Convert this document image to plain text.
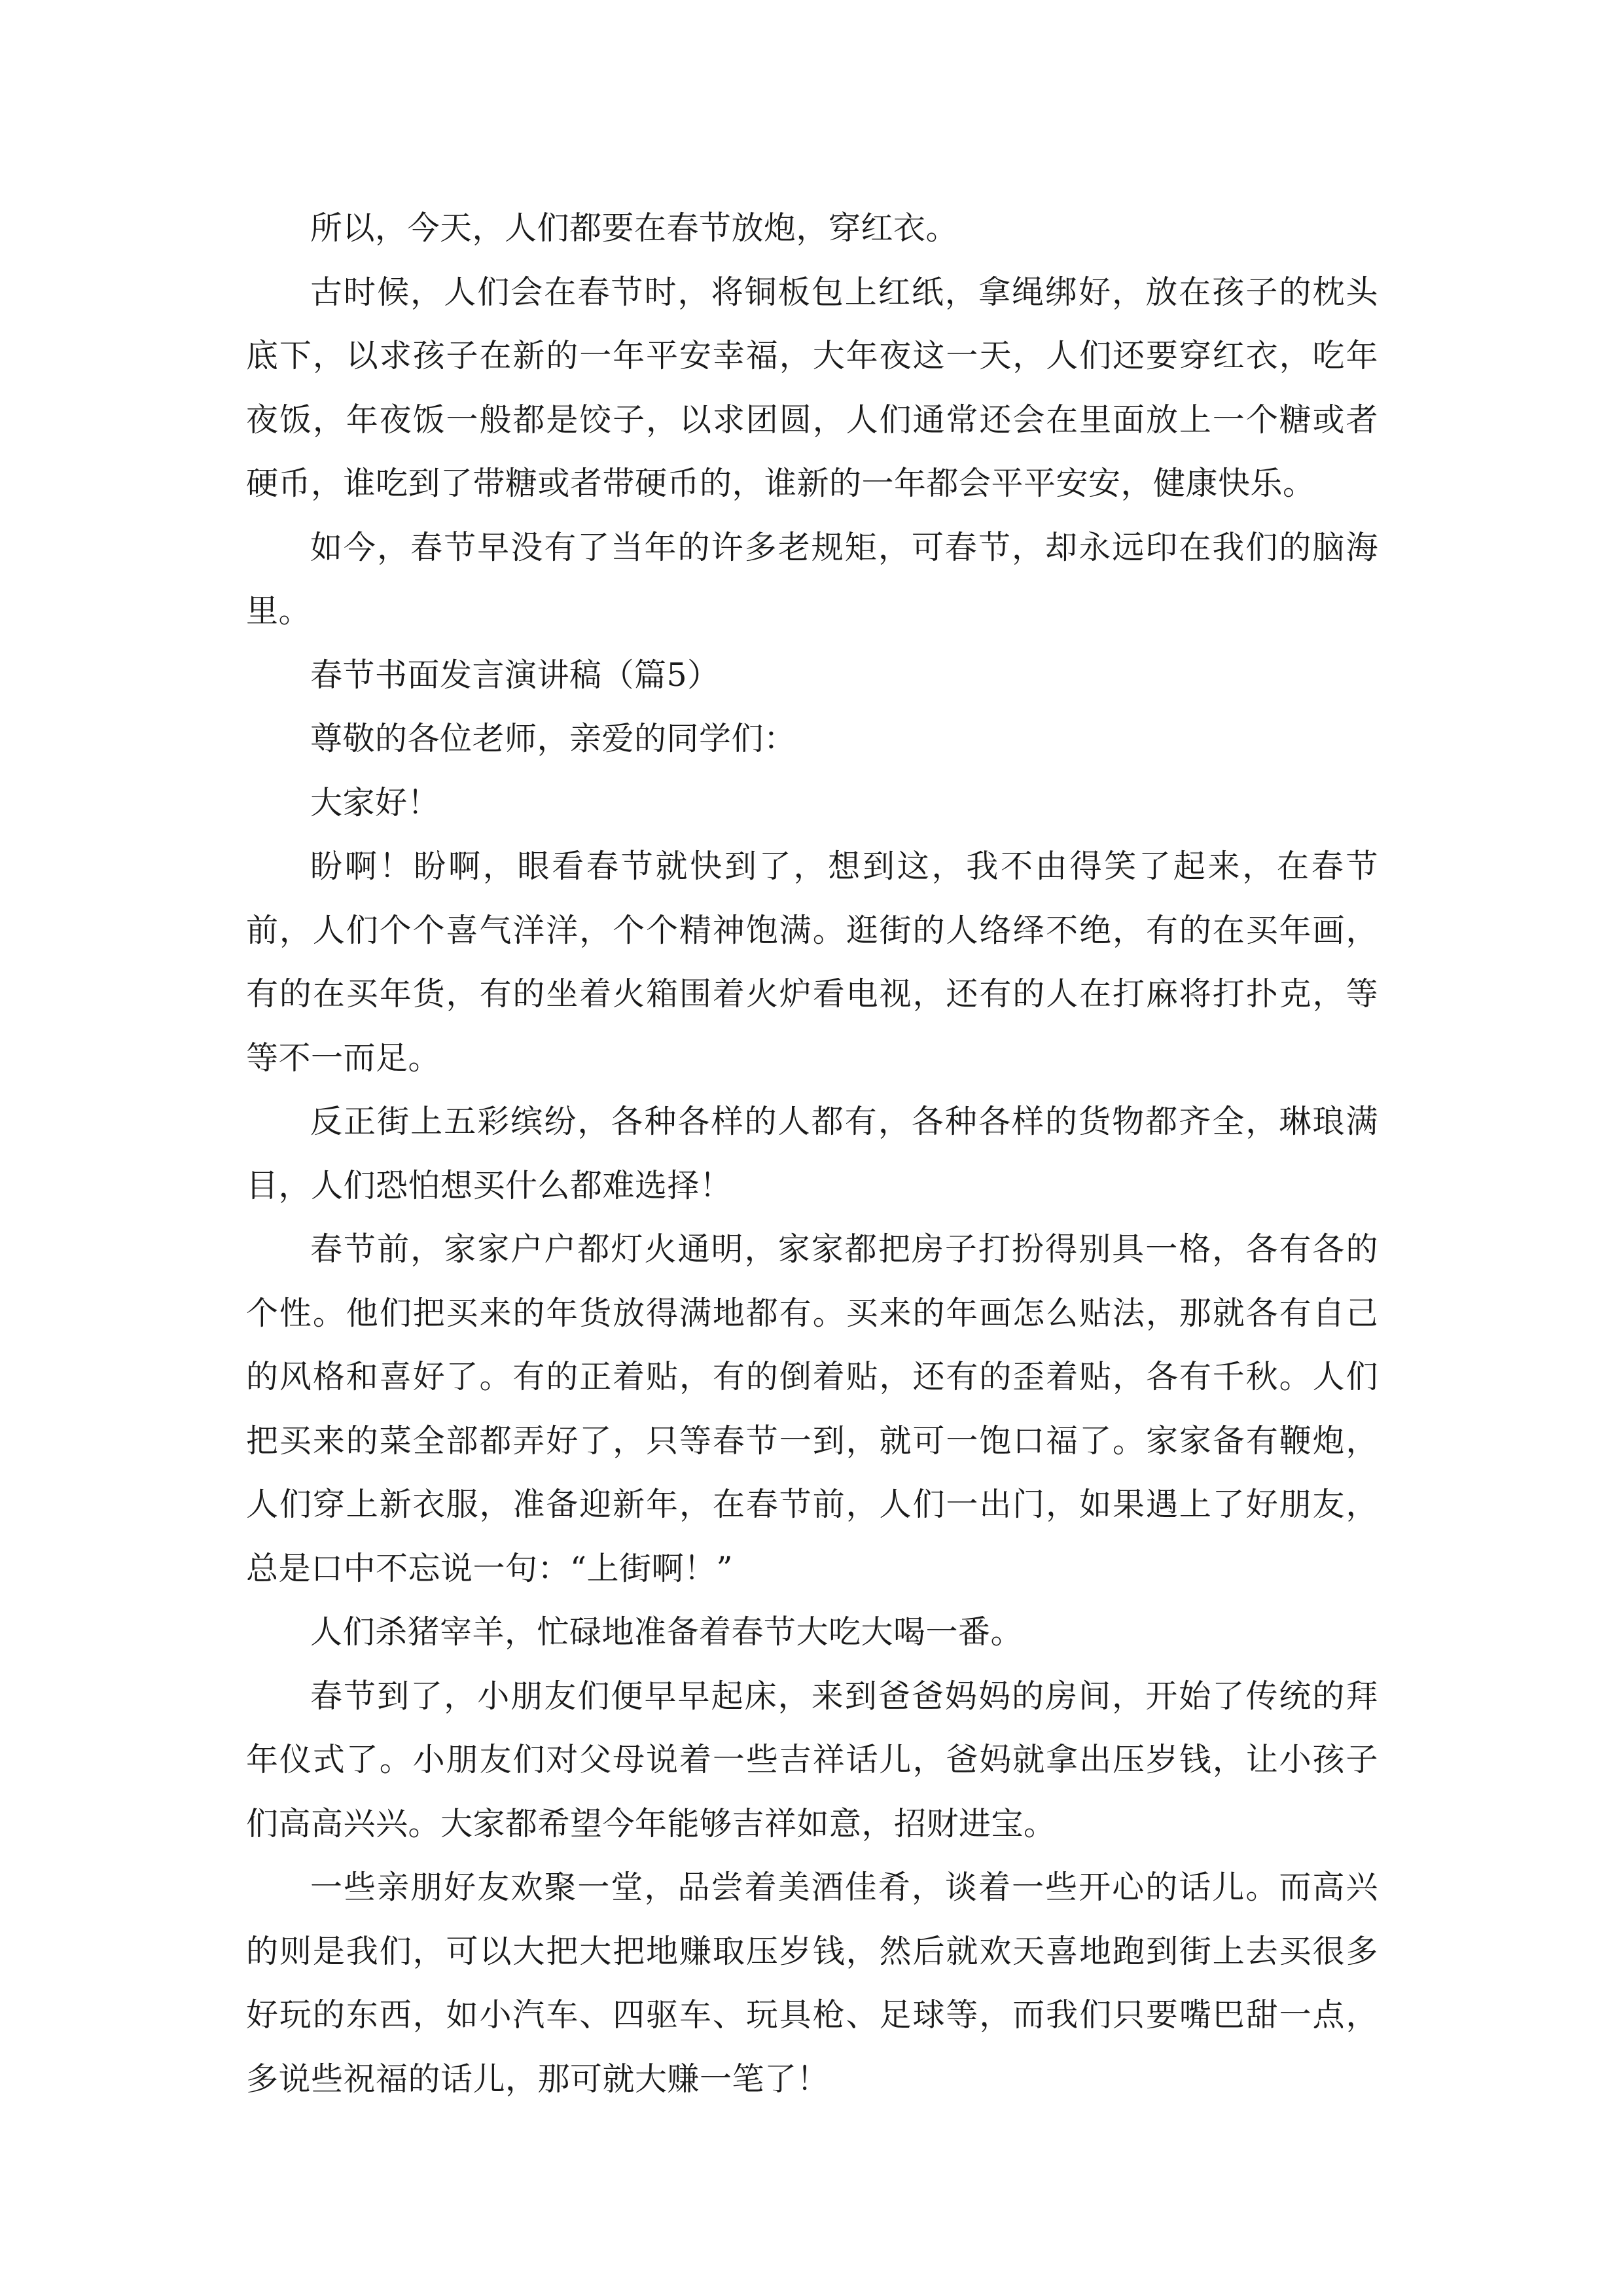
所以，今天，人们都要在春节放炮，穿红衣。

古时候，人们会在春节时，将铜板包上红纸，拿绳绑好，放在孩子的枕头底下，以求孩子在新的一年平安幸福，大年夜这一天，人们还要穿红衣，吃年夜饭，年夜饭一般都是饺子，以求团圆，人们通常还会在里面放上一个糖或者硬币，谁吃到了带糖或者带硬币的，谁新的一年都会平平安安，健康快乐。

如今，春节早没有了当年的许多老规矩，可春节，却永远印在我们的脑海里。

春节书面发言演讲稿（篇5）

尊敬的各位老师，亲爱的同学们：

大家好！

盼啊！盼啊，眼看春节就快到了，想到这，我不由得笑了起来，在春节前，人们个个喜气洋洋，个个精神饱满。逛街的人络绎不绝，有的在买年画，有的在买年货，有的坐着火箱围着火炉看电视，还有的人在打麻将打扑克，等等不一而足。

反正街上五彩缤纷，各种各样的人都有，各种各样的货物都齐全，琳琅满目，人们恐怕想买什么都难选择！

春节前，家家户户都灯火通明，家家都把房子打扮得别具一格，各有各的个性。他们把买来的年货放得满地都有。买来的年画怎么贴法，那就各有自己的风格和喜好了。有的正着贴，有的倒着贴，还有的歪着贴，各有千秋。人们把买来的菜全部都弄好了，只等春节一到，就可一饱口福了。家家备有鞭炮，人们穿上新衣服，准备迎新年，在春节前，人们一出门，如果遇上了好朋友，总是口中不忘说一句：“上街啊！”

人们杀猪宰羊，忙碌地准备着春节大吃大喝一番。

春节到了，小朋友们便早早起床，来到爸爸妈妈的房间，开始了传统的拜年仪式了。小朋友们对父母说着一些吉祥话儿，爸妈就拿出压岁钱，让小孩子们高高兴兴。大家都希望今年能够吉祥如意，招财进宝。

一些亲朋好友欢聚一堂，品尝着美酒佳肴，谈着一些开心的话儿。而高兴的则是我们，可以大把大把地赚取压岁钱，然后就欢天喜地跑到街上去买很多好玩的东西，如小汽车、四驱车、玩具枪、足球等，而我们只要嘴巴甜一点，多说些祝福的话儿，那可就大赚一笔了！
